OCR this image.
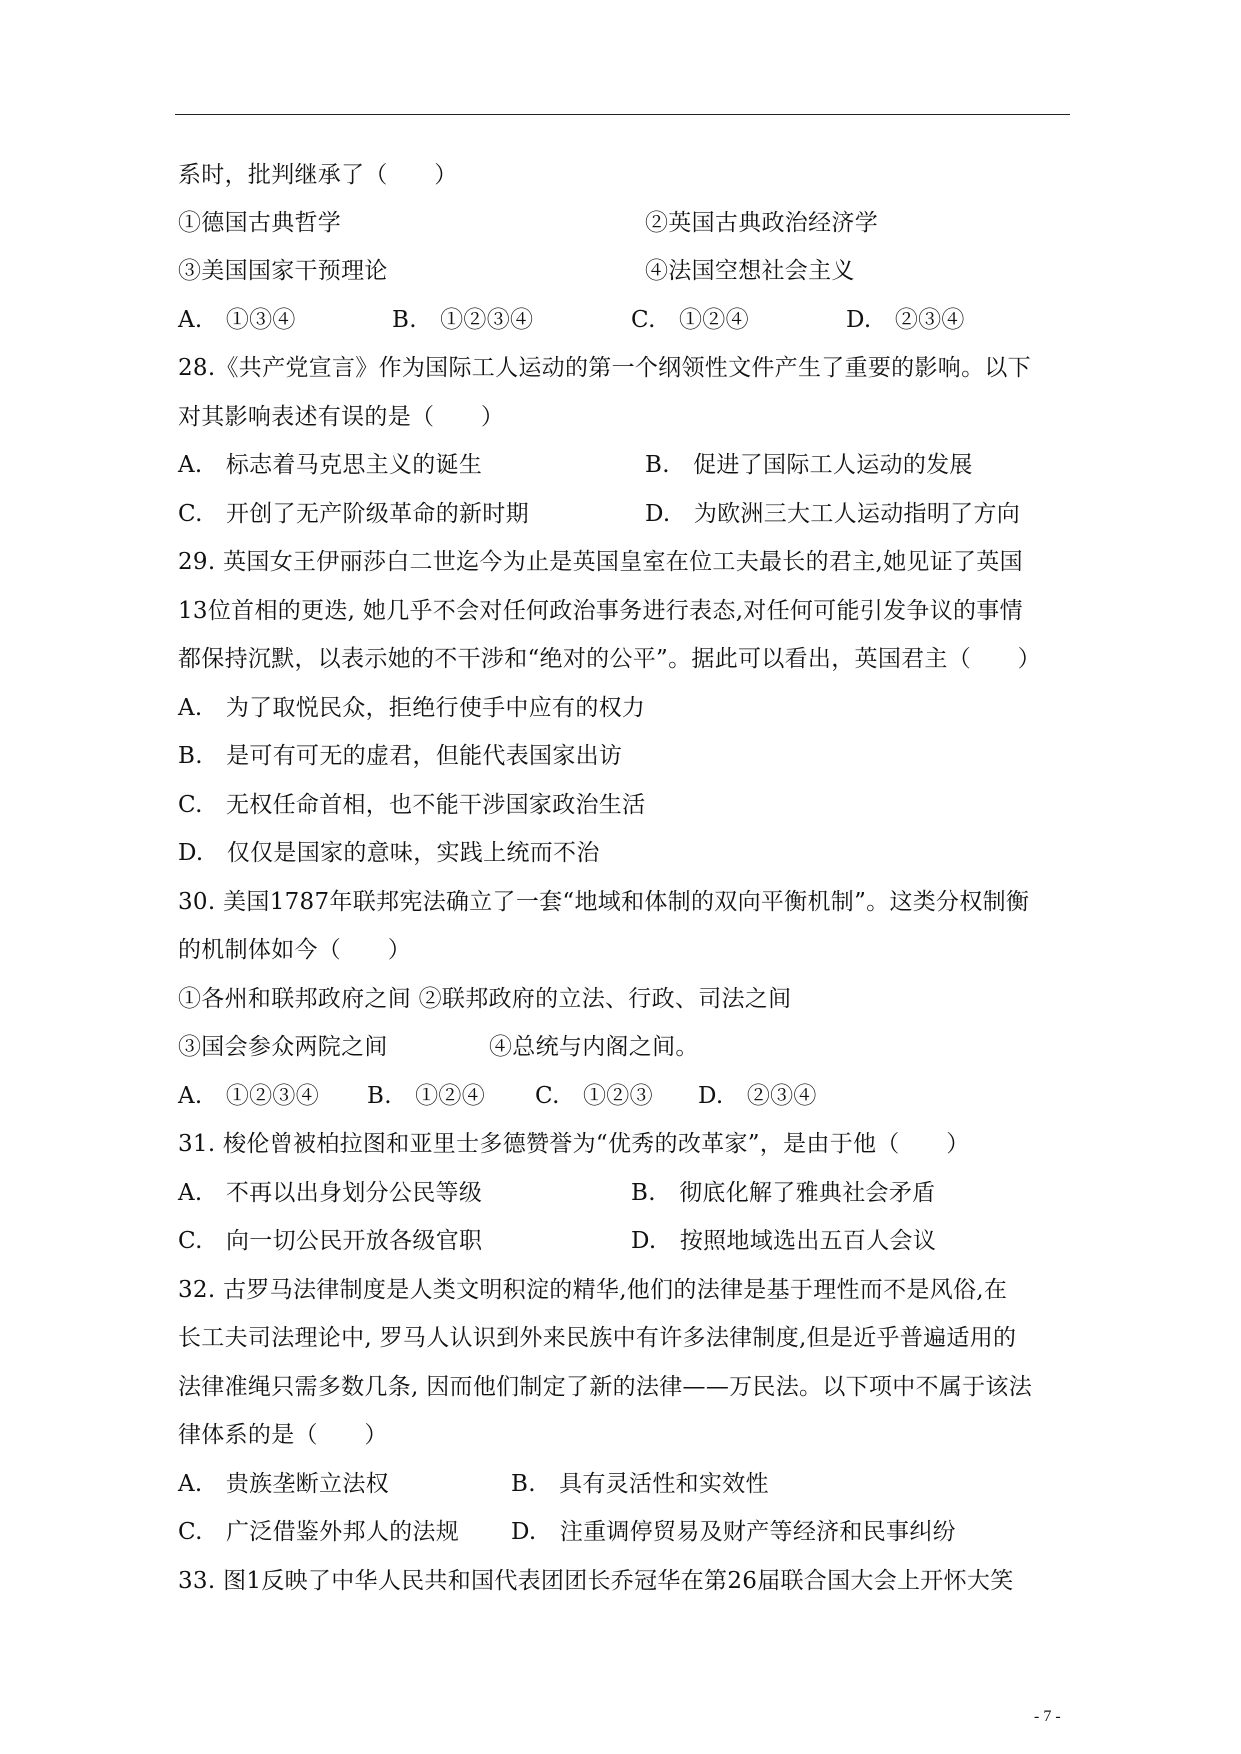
系时，批判继承了（　　）
①德国古典哲学	②英国古典政治经济学
③美国国家干预理论	④法国空想社会主义
A.　①③④	B.　①②③④	C.　①②④	D.　②③④
28.《共产党宣言》作为国际工人运动的第一个纲领性文件产生了重要的影响。以下
对其影响表述有误的是（　　）
A.　标志着马克思主义的诞生	B.　促进了国际工人运动的发展
C.　开创了无产阶级革命的新时期	D.　为欧洲三大工人运动指明了方向
29. 英国女王伊丽莎白二世迄今为止是英国皇室在位工夫最长的君主,她见证了英国
13位首相的更迭, 她几乎不会对任何政治事务进行表态,对任何可能引发争议的事情
都保持沉默，以表示她的不干涉和“绝对的公平”。据此可以看出，英国君主（　　）
A.　为了取悦民众，拒绝行使手中应有的权力
B.　是可有可无的虚君，但能代表国家出访
C.　无权任命首相，也不能干涉国家政治生活
D.　仅仅是国家的意味，实践上统而不治
30. 美国1787年联邦宪法确立了一套“地域和体制的双向平衡机制”。这类分权制衡
的机制体如今（　　）
①各州和联邦政府之间 ②联邦政府的立法、行政、司法之间
③国会参众两院之间	④总统与内阁之间。
A.　①②③④ B.　①②④ C.　①②③ D.　②③④
31. 梭伦曾被柏拉图和亚里士多德赞誉为“优秀的改革家”，是由于他（　　）
A.　不再以出身划分公民等级	B.　彻底化解了雅典社会矛盾
C.　向一切公民开放各级官职	D.　按照地域选出五百人会议
32. 古罗马法律制度是人类文明积淀的精华,他们的法律是基于理性而不是风俗,在
长工夫司法理论中, 罗马人认识到外来民族中有许多法律制度,但是近乎普遍适用的
法律准绳只需多数几条, 因而他们制定了新的法律——万民法。以下项中不属于该法
律体系的是（　　）
A.　贵族垄断立法权	B.　具有灵活性和实效性
C.　广泛借鉴外邦人的法规 D.　注重调停贸易及财产等经济和民事纠纷
33. 图1反映了中华人民共和国代表团团长乔冠华在第26届联合国大会上开怀大笑
- 7 -
